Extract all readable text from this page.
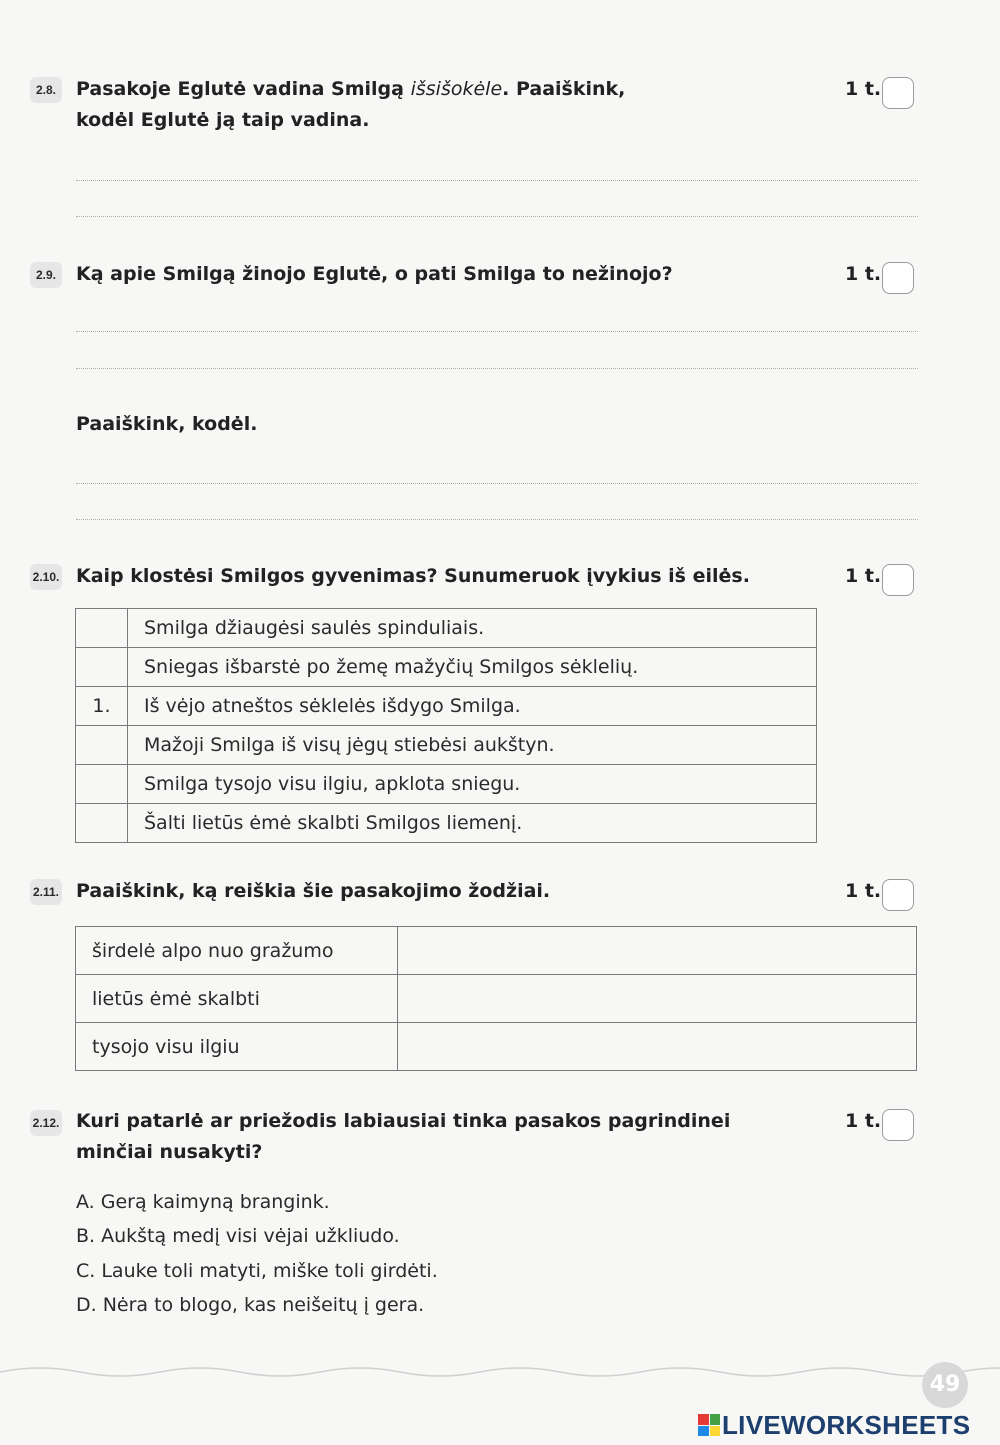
2.8.	Pasakoje Eglutė vadina Smilgą išsišokėle. Paaiškink,
kodėl Eglutė ją taip vadina.
1 t.
2.9.	Ką apie Smilgą žinojo Eglutė, o pati Smilga to nežinojo?	1 t.
Paaiškink, kodėl.
2.10. Kaip klostėsi Smilgos gyvenimas? Sunumeruok įvykius iš eilės.	1 t.
	Smilga džiaugėsi saulės spinduliais.
	Sniegas išbarstė po žemę mažyčių Smilgos sėklelių.
1.	Iš vėjo atneštos sėklelės išdygo Smilga.
	Mažoji Smilga iš visų jėgų stiebėsi aukštyn.
	Smilga tysojo visu ilgiu, apklota sniegu.
	Šalti lietūs ėmė skalbti Smilgos liemenį.
2.11. Paaiškink, ką reiškia šie pasakojimo žodžiai.	1 t.
širdelė alpo nuo gražumo	
lietūs ėmė skalbti	
tysojo visu ilgiu	
2.12. Kuri patarlė ar priežodis labiausiai tinka pasakos pagrindinei
minčiai nusakyti?
1 t.
A. Gerą kaimyną brangink.
B. Aukštą medį visi vėjai užkliudo.
C. Lauke toli matyti, miške toli girdėti.
D. Nėra to blogo, kas neišeitų į gera.
49
LIVEWORKSHEETS
